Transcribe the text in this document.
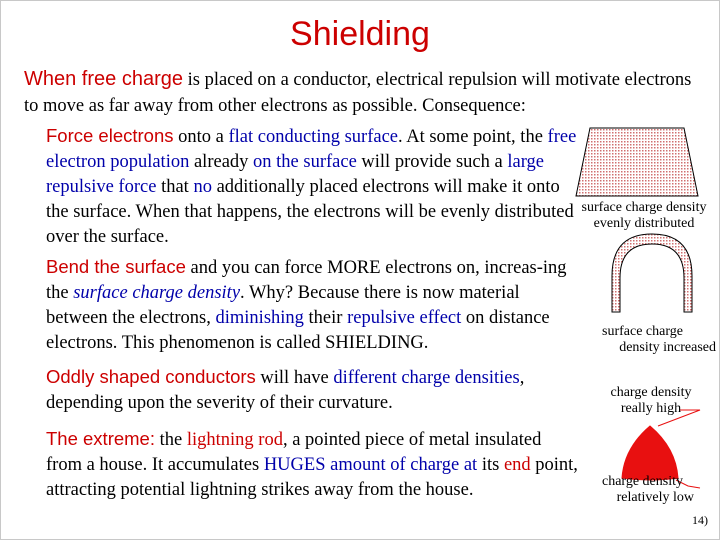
Shielding
When free charge is placed on a conductor, electrical repulsion will motivate electrons to move as far away from other electrons as possible. Consequence:
Force electrons onto a flat conducting surface. At some point, the free electron population already on the surface will provide such a large repulsive force that no additionally placed electrons will make it onto the surface. When that happens, the electrons will be evenly distributed over the surface.
Bend the surface and you can force MORE electrons on, increas-ing the surface charge density. Why? Because there is now material between the electrons, diminishing their repulsive effect on distance electrons. This phenomenon is called SHIELDING.
Oddly shaped conductors will have different charge densities, depending upon the severity of their curvature.
The extreme: the lightning rod, a pointed piece of metal insulated from a house. It accumulates HUGES amount of charge at its end point, attracting potential lightning strikes away from the house.
surface charge density
evenly distributed
surface charge
density increased
charge density
really high
charge density
relatively low
14)
